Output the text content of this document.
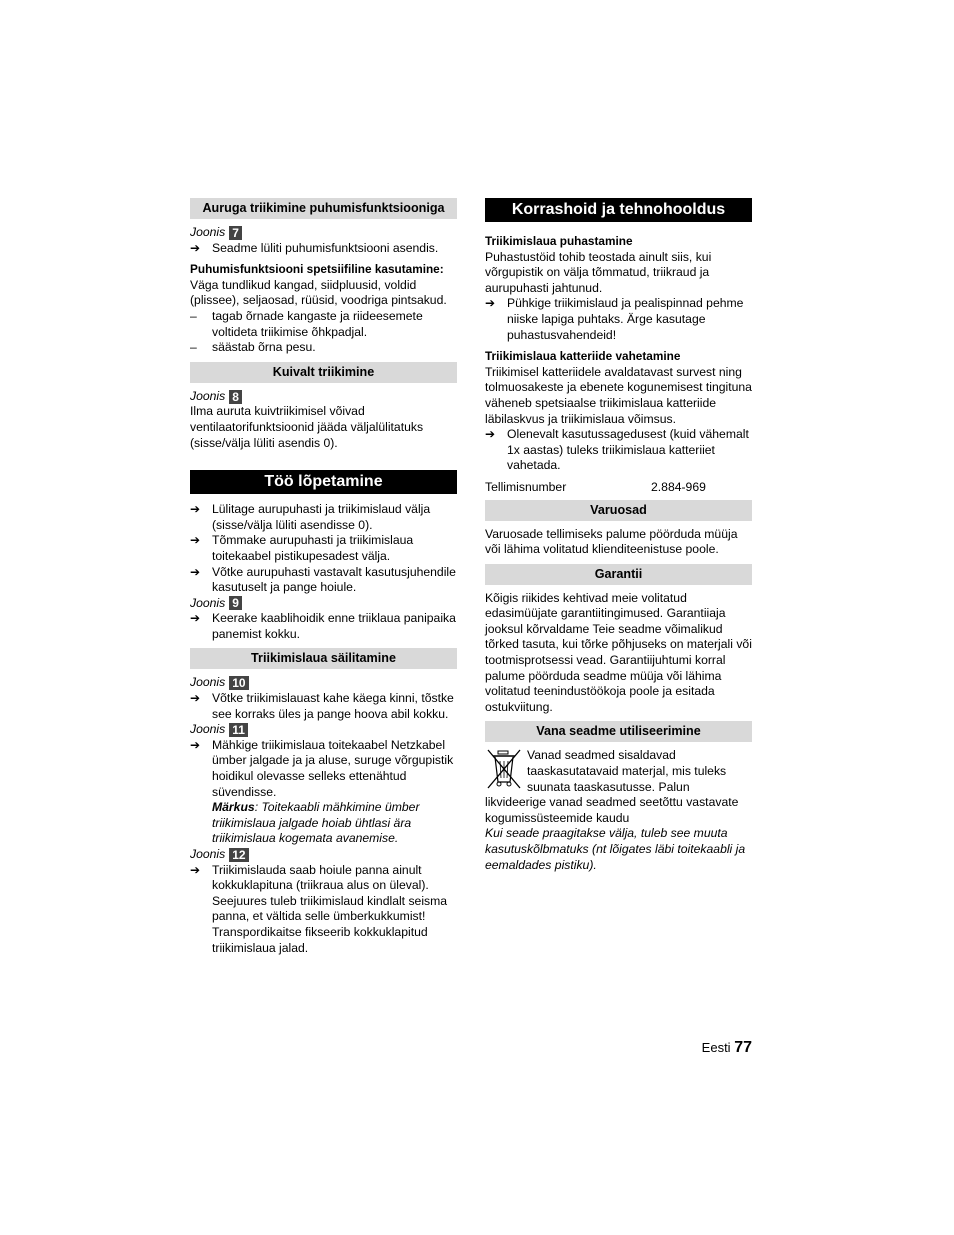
Auruga triikimine puhumisfunktsiooniga
Joonis 7
➔ Seadme lüliti puhumisfunktsiooni asendis.
Puhumisfunktsiooni spetsiifiline kasutamine:

Väga tundlikud kangad, siidpluusid, voldid (plissee), seljaosad, rüüsid, voodriga pintsakud.

–	tagab õrnade kangaste ja riideesemete voltideta triikimise õhkpadjal.
–	säästab õrna pesu.
Kuivalt triikimine
Joonis 8

Ilma auruta kuivtriikimisel võivad ventilaatorifunktsioonid jääda väljalülitatuks (sisse/välja lüliti asendis 0).

Töö lõpetamine
➔ Lülitage aurupuhasti ja triikimislaud välja (sisse/välja lüliti asendisse 0).
➔ Tõmmake aurupuhasti ja triikimislaua toitekaabel pistikupesadest välja.
➔ Võtke aurupuhasti vastavalt kasutusjuhendile kasutuselt ja pange hoiule.
Joonis 9
➔ Keerake kaablihoidik enne triiklaua panipaika panemist kokku.
Triikimislaua säilitamine
Joonis 10
➔ Võtke triikimislauast kahe käega kinni, tõstke see korraks üles ja pange hoova abil kokku.
Joonis 11
➔ Mähkige triikimislaua toitekaabel Netzkabel ümber jalgade ja ja aluse, suruge võrgupistik hoidikul olevasse selleks ettenähtud süvendisse.
Märkus: Toitekaabli mähkimine ümber triikimislaua jalgade hoiab ühtlasi ära triikimislaua kogemata avanemise.
Joonis 12
➔ Triikimislauda saab hoiule panna ainult kokkuklapituna (triikraua alus on üleval). Seejuures tuleb triikimislaud kindlalt seisma panna, et vältida selle ümberkukkumist! Transpordikaitse fikseerib kokkuklapitud triikimislaua jalad.
Korrashoid ja tehnohooldus
Triikimislaua puhastamine

Puhastustöid tohib teostada ainult siis, kui võrgupistik on välja tõmmatud, triikraud ja aurupuhasti jahtunud.

➔ Pühkige triikimislaud ja pealispinnad pehme niiske lapiga puhtaks. Ärge kasutage puhastusvahendeid!
Triikimislaua katteriide vahetamine

Triikimisel katteriidele avaldatavast survest ning tolmuosakeste ja ebenete kogunemisest tingituna väheneb spetsiaalse triikimislaua katteriide läbilaskvus ja triikimislaua võimsus.

➔ Olenevalt kasutussagedusest (kuid vähemalt 1x aastas) tuleks triikimislaua katteriiet vahetada.
Tellimisnumber	2.884-969
Varuosad

Varuosade tellimiseks palume pöörduda müüja või lähima volitatud klienditeenistuse poole.

Garantii

Kõigis riikides kehtivad meie volitatud edasimüüjate garantiitingimused. Garantiiaja jooksul kõrvaldame Teie seadme võimalikud tõrked tasuta, kui tõrke põhjuseks on materjali või tootmisprotsessi vead. Garantiijuhtumi korral palume pöörduda seadme müüja või lähima volitatud teenindustöökoja poole ja esitada ostukviitung.

Vana seadme utiliseerimine
Vanad seadmed sisaldavad taaskasutatavaid materjal, mis tuleks suunata taaskasutusse. Palun

likvideerige vanad seadmed seetõttu vastavate kogumissüsteemide kaudu

Kui seade praagitakse välja, tuleb see muuta kasutuskõlbmatuks (nt lõigates läbi toitekaabli ja eemaldades pistiku).

Eesti 77
